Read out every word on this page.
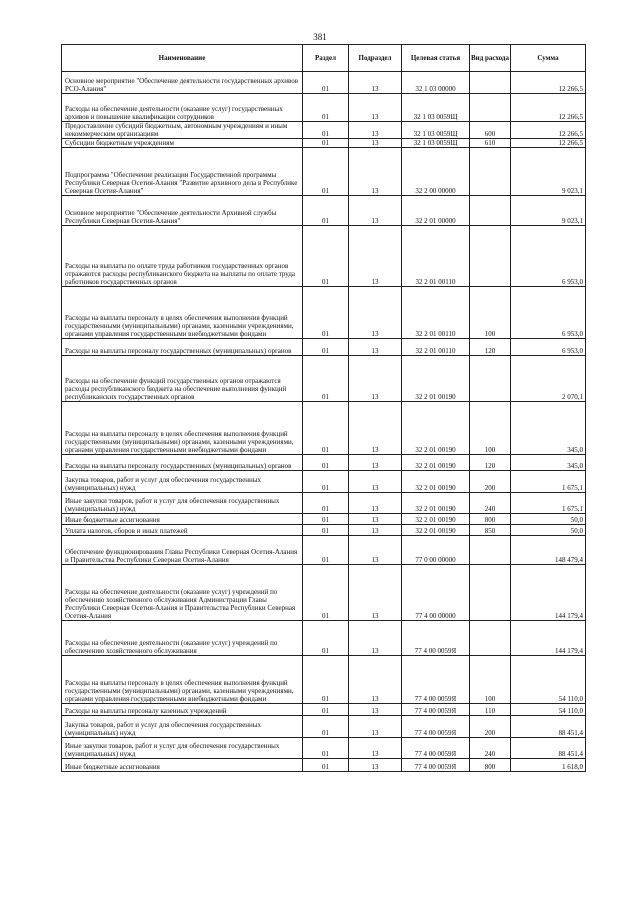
381
Наименование	Раздел	Подраздел	Целевая статья	Вид расхода	Сумма
Основное мероприятие "Обеспечение деятельности государственных архивов РСО-Алания"	01	13	32 1 03 00000		12 266,5
Расходы на обеспечение деятельности (оказание услуг) государственных архивов и повышение квалификации сотрудников	01	13	32 1 03 0059Щ		12 266,5
Предоставление субсидий бюджетным, автономным учреждениям и иным некоммерческим организациям	01	13	32 1 03 0059Щ	600	12 266,5
Субсидии бюджетным учреждениям	01	13	32 1 03 0059Щ	610	12 266,5
Подпрограмма "Обеспечение реализации Государственной программы Республики Северная Осетия-Алания "Развитие архивного дела в Республике Северная Осетия-Алания"	01	13	32 2 00 00000		9 023,1
Основное мероприятие "Обеспечение деятельности Архивной службы Республики Северная Осетия-Алания"	01	13	32 2 01 00000		9 023,1
Расходы на выплаты по оплате труда работников государственных органов отражаются расходы республиканского бюджета на выплаты по оплате труда работников государственных органов	01	13	32 2 01 00110		6 953,0
Расходы на выплаты персоналу в целях обеспечения выполнения функций государственными (муниципальными) органами, казенными учреждениями, органами управления государственными внебюджетными фондами	01	13	32 2 01 00110	100	6 953,0
Расходы на выплаты персоналу государственных (муниципальных) органов	01	13	32 2 01 00110	120	6 953,0
Расходы на обеспечение функций государственных органов отражаются расходы республиканского бюджета на обеспечение выполнения функций республиканских государственных органов	01	13	32 2 01 00190		2 070,1
Расходы на выплаты персоналу в целях обеспечения выполнения функций государственными (муниципальными) органами, казенными учреждениями, органами управления государственными внебюджетными фондами	01	13	32 2 01 00190	100	345,0
Расходы на выплаты персоналу государственных (муниципальных) органов	01	13	32 2 01 00190	120	345,0
Закупка товаров, работ и услуг для обеспечения государственных (муниципальных) нужд	01	13	32 2 01 00190	200	1 675,1
Иные закупки товаров, работ и услуг для обеспечения государственных (муниципальных) нужд	01	13	32 2 01 00190	240	1 675,1
Иные бюджетные ассигнования	01	13	32 2 01 00190	800	50,0
Уплата налогов, сборов и иных платежей	01	13	32 2 01 00190	850	50,0
Обеспечение функционирования Главы Республики Северная Осетия-Алания и Правительства Республики Северная Осетия-Алания	01	13	77 0 00 00000		148 479,4
Расходы на обеспечение деятельности (оказание услуг) учреждений по обеспечению хозяйственного обслуживания Администрации Главы Республики Северная Осетия-Алания и Правительства Республики Северная Осетия-Алания	01	13	77 4 00 00000		144 179,4
Расходы на обеспечение деятельности (оказание услуг) учреждений по обеспечению хозяйственного обслуживания	01	13	77 4 00 0059Я		144 179,4
Расходы на выплаты персоналу в целях обеспечения выполнения функций государственными (муниципальными) органами, казенными учреждениями, органами управления государственными внебюджетными фондами	01	13	77 4 00 0059Я	100	54 110,0
Расходы на выплаты персоналу казенных учреждений	01	13	77 4 00 0059Я	110	54 110,0
Закупка товаров, работ и услуг для обеспечения государственных (муниципальных) нужд	01	13	77 4 00 0059Я	200	88 451,4
Иные закупки товаров, работ и услуг для обеспечения государственных (муниципальных) нужд	01	13	77 4 00 0059Я	240	88 451,4
Иные бюджетные ассигнования	01	13	77 4 00 0059Я	800	1 618,0
